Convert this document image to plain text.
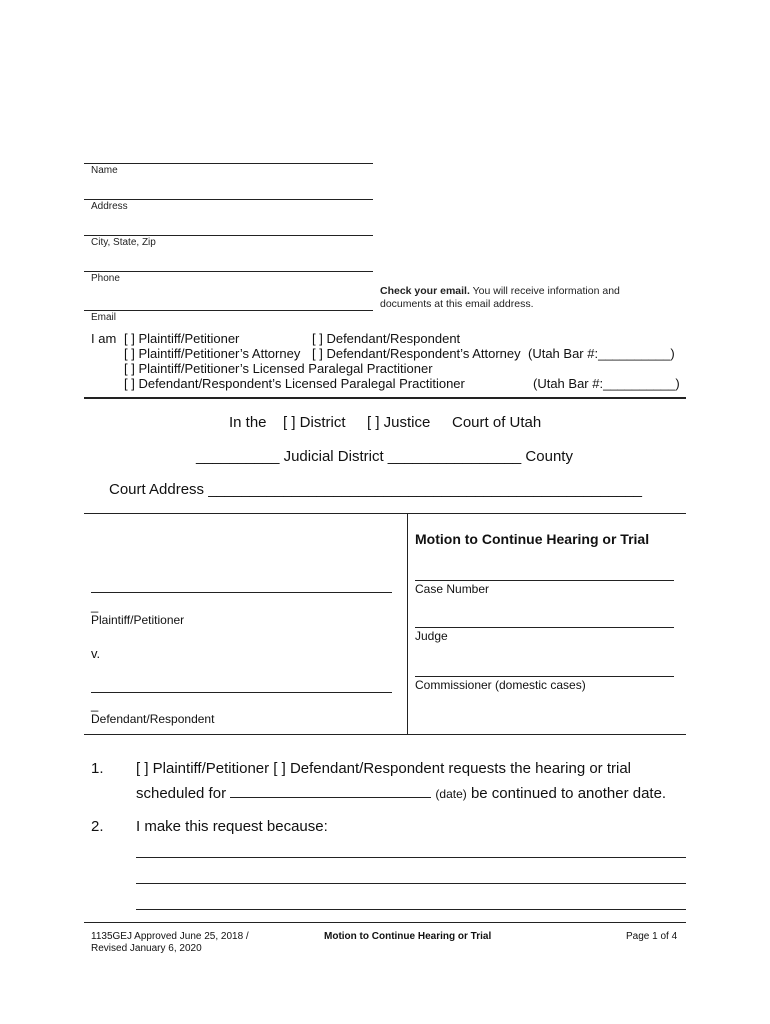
Name
Address
City, State, Zip
Phone
Check your email. You will receive information and
documents at this email address.
Email
I am [ ] Plaintiff/Petitioner	[ ] Defendant/Respondent
[ ] Plaintiff/Petitioner’s Attorney [ ] Defendant/Respondent’s Attorney (Utah Bar #:__________)
[ ] Plaintiff/Petitioner’s Licensed Paralegal Practitioner
[ ] Defendant/Respondent’s Licensed Paralegal Practitioner	(Utah Bar #:__________)
In the [ ] District [ ] Justice Court of Utah
__________ Judicial District ________________ County
Court Address ____________________________________________________
_
Plaintiff/Petitioner
v.
_
Defendant/Respondent
Motion to Continue Hearing or Trial
Case Number
Judge
Commissioner (domestic cases)
1. [ ] Plaintiff/Petitioner [ ] Defendant/Respondent requests the hearing or trial
scheduled for	(date) be continued to another date.
2. I make this request because:
1135GEJ Approved June 25, 2018 /
Revised January 6, 2020
Motion to Continue Hearing or Trial	Page 1 of 4
